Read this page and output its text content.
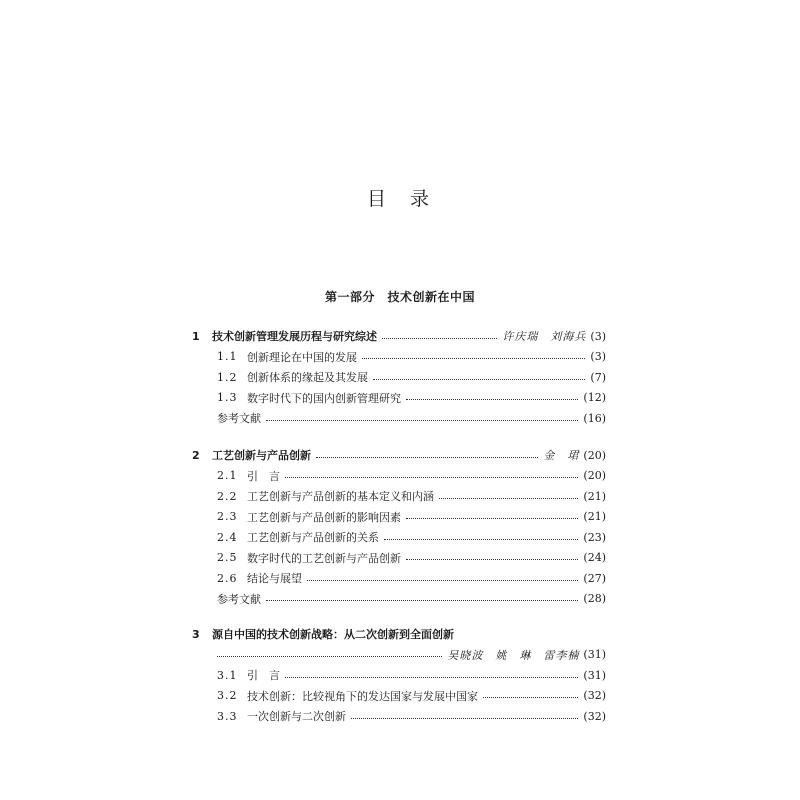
目 录
第一部分　技术创新在中国
1	技术创新管理发展历程与研究综述	许庆瑞　刘海兵 (3)
1.1 创新理论在中国的发展	(3)
1.2 创新体系的缘起及其发展	(7)
1.3 数字时代下的国内创新管理研究	(12)
参考文献	(16)
2	工艺创新与产品创新	金　珺 (20)
2.1 引　言	(20)
2.2 工艺创新与产品创新的基本定义和内涵	(21)
2.3 工艺创新与产品创新的影响因素	(21)
2.4 工艺创新与产品创新的关系	(23)
2.5 数字时代的工艺创新与产品创新	(24)
2.6 结论与展望	(27)
参考文献	(28)
3	源自中国的技术创新战略：从二次创新到全面创新
吴晓波　姚　琳　雷李楠 (31)
3.1 引　言	(31)
3.2 技术创新：比较视角下的发达国家与发展中国家	(32)
3.3 一次创新与二次创新	(32)
